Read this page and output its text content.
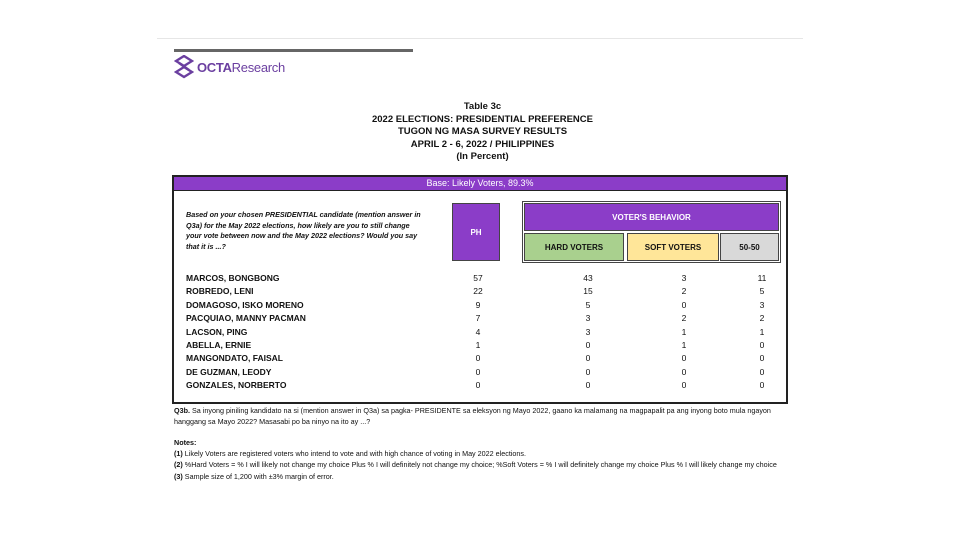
OCTAResearch
Table 3c
2022 ELECTIONS: PRESIDENTIAL PREFERENCE
TUGON NG MASA SURVEY RESULTS
APRIL 2 - 6, 2022 / PHILIPPINES
(In Percent)
Base: Likely Voters, 89.3%
Based on your chosen PRESIDENTIAL candidate (mention answer in Q3a) for the May 2022 elections, how likely are you to still change your vote between now and the May 2022 elections? Would you say that it is ...?
PH
VOTER'S BEHAVIOR
HARD VOTERS	SOFT VOTERS	50-50
MARCOS, BONGBONG	57	43	3	11
ROBREDO, LENI	22	15	2	5
DOMAGOSO, ISKO MORENO	9	5	0	3
PACQUIAO, MANNY PACMAN	7	3	2	2
LACSON, PING	4	3	1	1
ABELLA, ERNIE	1	0	1	0
MANGONDATO, FAISAL	0	0	0	0
DE GUZMAN, LEODY	0	0	0	0
GONZALES, NORBERTO	0	0	0	0
Q3b. Sa inyong piniling kandidato na si (mention answer in Q3a) sa pagka- PRESIDENTE sa eleksyon ng Mayo 2022, gaano ka malamang na magpapalit pa ang inyong boto mula ngayon hanggang sa Mayo 2022? Masasabi po ba ninyo na ito ay ...?
Notes:
(1) Likely Voters are registered voters who intend to vote and with high chance of voting in May 2022 elections.
(2) %Hard Voters = % I will likely not change my choice Plus % I will definitely not change my choice; %Soft Voters = % I will definitely change my choice Plus % I will likely change my choice
(3) Sample size of 1,200 with ±3% margin of error.
